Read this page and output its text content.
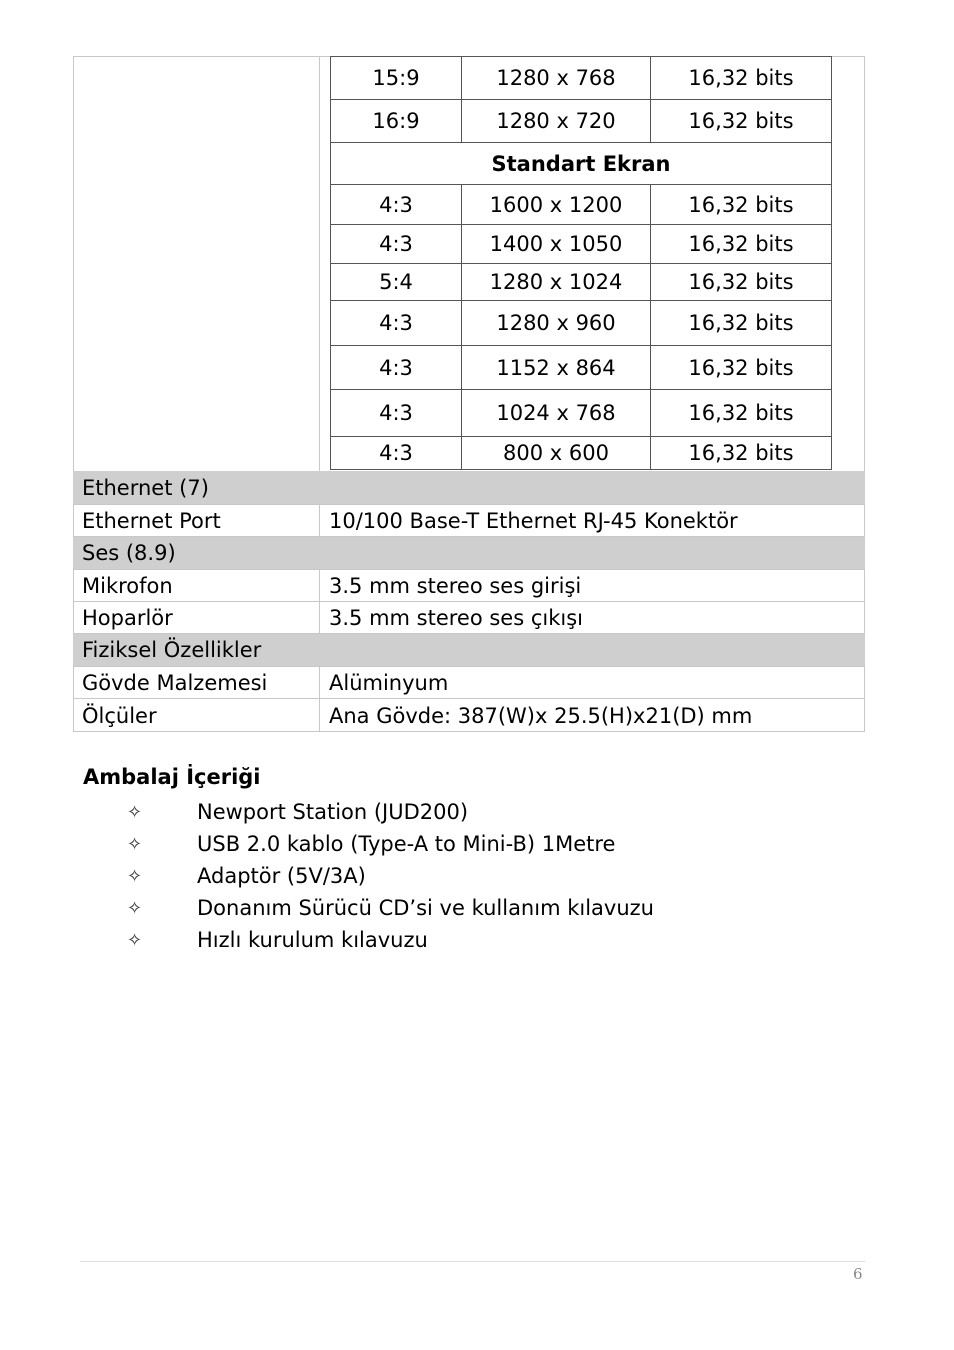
15:9	1280 x 768	16,32 bits
16:9	1280 x 720	16,32 bits
Standart Ekran
4:3	1600 x 1200	16,32 bits
4:3	1400 x 1050	16,32 bits
5:4	1280 x 1024	16,32 bits
4:3	1280 x 960	16,32 bits
4:3	1152 x 864	16,32 bits
4:3	1024 x 768	16,32 bits
4:3	800 x 600	16,32 bits
Ethernet (7)
Ethernet Port	10/100 Base-T Ethernet RJ-45 Konektör
Ses (8.9)
Mikrofon	3.5 mm stereo ses girişi
Hoparlör	3.5 mm stereo ses çıkışı
Fiziksel Özellikler
Gövde Malzemesi	Alüminyum
Ölçüler	Ana Gövde: 387(W)x 25.5(H)x21(D) mm
Ambalaj İçeriği
✧	Newport Station (JUD200)
✧	USB 2.0 kablo (Type-A to Mini-B) 1Metre
✧	Adaptör (5V/3A)
✧	Donanım Sürücü CD’si ve kullanım kılavuzu
✧	Hızlı kurulum kılavuzu
6
